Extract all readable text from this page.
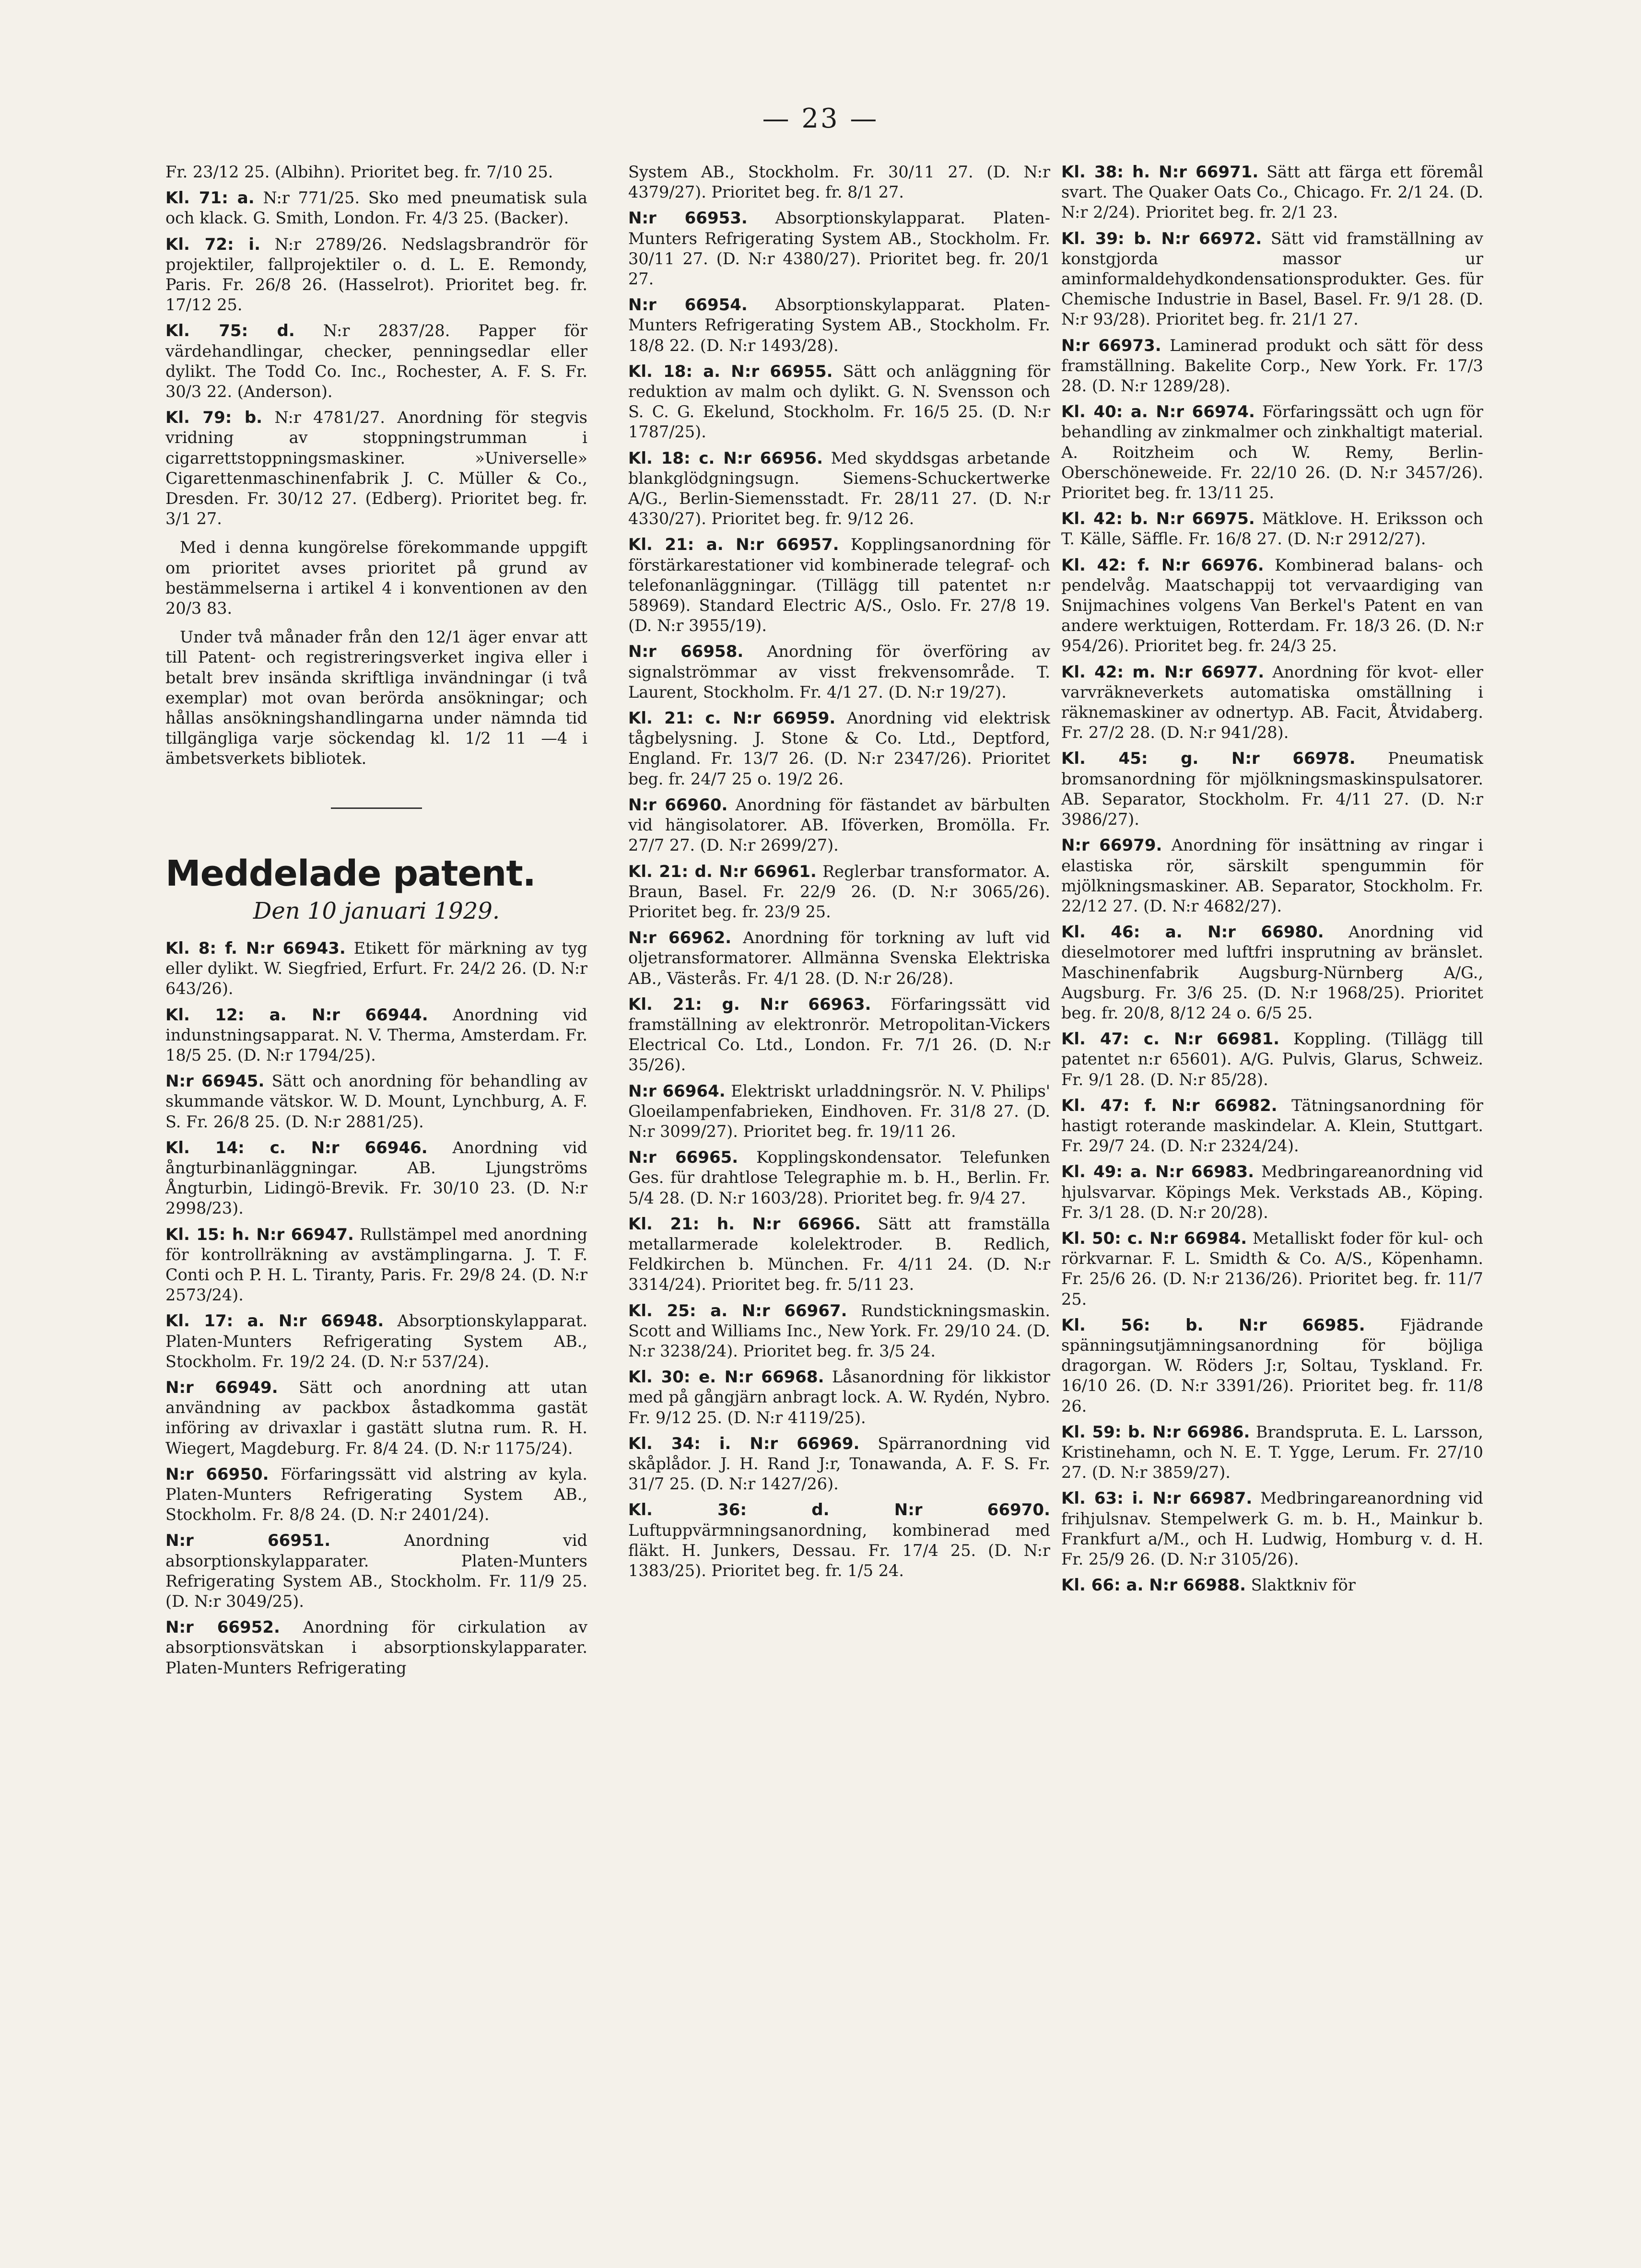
— 23 —

Fr. 23/12 25. (Albihn). Prioritet beg. fr. 7/10 25.

Kl. 71: a. N:r 771/25. Sko med pneumatisk sula och klack. G. Smith, London. Fr. 4/3 25. (Backer).

Kl. 72: i. N:r 2789/26. Nedslagsbrandrör för projektiler, fallprojektiler o. d. L. E. Remondy, Paris. Fr. 26/8 26. (Hasselrot). Prioritet beg. fr. 17/12 25.

Kl. 75: d. N:r 2837/28. Papper för värdehandlingar, checker, penningsedlar eller dylikt. The Todd Co. Inc., Rochester, A. F. S. Fr. 30/3 22. (Anderson).

Kl. 79: b. N:r 4781/27. Anordning för stegvis vridning av stoppningstrumman i cigarrettstoppningsmaskiner. »Universelle» Cigarettenmaschinenfabrik J. C. Müller & Co., Dresden. Fr. 30/12 27. (Edberg). Prioritet beg. fr. 3/1 27.

Med i denna kungörelse förekommande uppgift om prioritet avses prioritet på grund av bestämmelserna i artikel 4 i konventionen av den 20/3 83.

Under två månader från den 12/1 äger envar att till Patent- och registreringsverket ingiva eller i betalt brev insända skriftliga invändningar (i två exemplar) mot ovan berörda ansökningar; och hållas ansökningshandlingarna under nämnda tid tillgängliga varje söckendag kl. 1/2 11 —4 i ämbetsverkets bibliotek.

Meddelade patent.
Den 10 januari 1929.

Kl. 8: f. N:r 66943. Etikett för märkning av tyg eller dylikt. W. Siegfried, Erfurt. Fr. 24/2 26. (D. N:r 643/26).

Kl. 12: a. N:r 66944. Anordning vid indunstningsapparat. N. V. Therma, Amsterdam. Fr. 18/5 25. (D. N:r 1794/25).

N:r 66945. Sätt och anordning för behandling av skummande vätskor. W. D. Mount, Lynchburg, A. F. S. Fr. 26/8 25. (D. N:r 2881/25).

Kl. 14: c. N:r 66946. Anordning vid ångturbinanläggningar. AB. Ljungströms Ångturbin, Lidingö-Brevik. Fr. 30/10 23. (D. N:r 2998/23).

Kl. 15: h. N:r 66947. Rullstämpel med anordning för kontrollräkning av avstämplingarna. J. T. F. Conti och P. H. L. Tiranty, Paris. Fr. 29/8 24. (D. N:r 2573/24).

Kl. 17: a. N:r 66948. Absorptionskylapparat. Platen-Munters Refrigerating System AB., Stockholm. Fr. 19/2 24. (D. N:r 537/24).

N:r 66949. Sätt och anordning att utan användning av packbox åstadkomma gastät införing av drivaxlar i gastätt slutna rum. R. H. Wiegert, Magdeburg. Fr. 8/4 24. (D. N:r 1175/24).

N:r 66950. Förfaringssätt vid alstring av kyla. Platen-Munters Refrigerating System AB., Stockholm. Fr. 8/8 24. (D. N:r 2401/24).

N:r 66951.	Anordning vid absorptionskylapparater. Platen-Munters Refrigerating System AB., Stockholm. Fr. 11/9 25. (D. N:r 3049/25).

N:r 66952. Anordning för cirkulation av absorptionsvätskan i absorptionskylapparater. Platen-Munters Refrigerating

System AB., Stockholm. Fr. 30/11 27. (D. N:r 4379/27). Prioritet beg. fr. 8/1 27.

N:r 66953. Absorptionskylapparat. Platen-Munters Refrigerating System AB., Stockholm. Fr. 30/11 27. (D. N:r 4380/27). Prioritet beg. fr. 20/1 27.

N:r 66954. Absorptionskylapparat. Platen-Munters Refrigerating System AB., Stockholm. Fr. 18/8 22. (D. N:r 1493/28).

Kl. 18: a. N:r 66955. Sätt och anläggning för reduktion av malm och dylikt. G. N. Svensson och S. C. G. Ekelund, Stockholm. Fr. 16/5 25. (D. N:r 1787/25).

Kl. 18: c. N:r 66956. Med skyddsgas arbetande blankglödgningsugn. Siemens-Schuckertwerke A/G., Berlin-Siemensstadt. Fr. 28/11 27. (D. N:r 4330/27). Prioritet beg. fr. 9/12 26.

Kl. 21: a. N:r 66957. Kopplingsanordning för förstärkarestationer vid kombinerade telegraf- och telefonanläggningar. (Tillägg till patentet n:r 58969). Standard Electric A/S., Oslo. Fr. 27/8 19. (D. N:r 3955/19).

N:r 66958. Anordning för överföring av signalströmmar av visst frekvensområde. T. Laurent, Stockholm. Fr. 4/1 27. (D. N:r 19/27).

Kl. 21: c. N:r 66959. Anordning vid elektrisk tågbelysning. J. Stone & Co. Ltd., Deptford, England. Fr. 13/7 26. (D. N:r 2347/26). Prioritet beg. fr. 24/7 25 o. 19/2 26.

N:r 66960. Anordning för fästandet av bärbulten vid hängisolatorer. AB. Iföverken, Bromölla. Fr. 27/7 27. (D. N:r 2699/27).

Kl. 21: d. N:r 66961. Reglerbar transformator. A. Braun, Basel. Fr. 22/9 26. (D. N:r 3065/26). Prioritet beg. fr. 23/9 25.

N:r 66962. Anordning för torkning av luft vid oljetransformatorer. Allmänna Svenska Elektriska AB., Västerås. Fr. 4/1 28. (D. N:r 26/28).

Kl. 21: g. N:r 66963. Förfaringssätt vid framställning av elektronrör. Metropolitan-Vickers Electrical Co. Ltd., London. Fr. 7/1 26. (D. N:r 35/26).

N:r 66964. Elektriskt urladdningsrör. N. V. Philips' Gloeilampenfabrieken, Eindhoven. Fr. 31/8 27. (D. N:r 3099/27). Prioritet beg. fr. 19/11 26.

N:r 66965. Kopplingskondensator. Telefunken Ges. für drahtlose Telegraphie m. b. H., Berlin. Fr. 5/4 28. (D. N:r 1603/28). Prioritet beg. fr. 9/4 27.

Kl. 21: h. N:r 66966. Sätt att framställa metallarmerade kolelektroder. B. Redlich, Feldkirchen b. München. Fr. 4/11 24. (D. N:r 3314/24). Prioritet beg. fr. 5/11 23.

Kl. 25: a. N:r 66967. Rundstickningsmaskin. Scott and Williams Inc., New York. Fr. 29/10 24. (D. N:r 3238/24). Prioritet beg. fr. 3/5 24.

Kl. 30: e. N:r 66968. Låsanordning för likkistor med på gångjärn anbragt lock. A. W. Rydén, Nybro. Fr. 9/12 25. (D. N:r 4119/25).

Kl. 34: i. N:r 66969. Spärranordning vid skåplådor. J. H. Rand J:r, Tonawanda, A. F. S. Fr. 31/7 25. (D. N:r 1427/26).

Kl. 36: d. N:r 66970. Luftuppvärmningsanordning, kombinerad med fläkt. H. Junkers, Dessau. Fr. 17/4 25. (D. N:r 1383/25). Prioritet beg. fr. 1/5 24.

Kl. 38: h. N:r 66971. Sätt att färga ett föremål svart. The Quaker Oats Co., Chicago. Fr. 2/1 24. (D. N:r 2/24). Prioritet beg. fr. 2/1 23.

Kl. 39: b. N:r 66972. Sätt vid framställning av konstgjorda massor ur aminformaldehydkondensationsprodukter. Ges. für Chemische Industrie in Basel, Basel. Fr. 9/1 28. (D. N:r 93/28). Prioritet beg. fr. 21/1 27.

N:r 66973. Laminerad produkt och sätt för dess framställning. Bakelite Corp., New York. Fr. 17/3 28. (D. N:r 1289/28).

Kl. 40: a. N:r 66974. Förfaringssätt och ugn för behandling av zinkmalmer och zinkhaltigt material. A. Roitzheim och W. Remy, Berlin-Oberschöneweide. Fr. 22/10 26. (D. N:r 3457/26). Prioritet beg. fr. 13/11 25.

Kl. 42: b. N:r 66975. Mätklove. H. Eriksson och T. Källe, Säffle. Fr. 16/8 27. (D. N:r 2912/27).

Kl. 42: f. N:r 66976. Kombinerad balans- och pendelvåg. Maatschappij tot vervaardiging van Snijmachines volgens Van Berkel's Patent en van andere werktuigen, Rotterdam. Fr. 18/3 26. (D. N:r 954/26). Prioritet beg. fr. 24/3 25.

Kl. 42: m. N:r 66977. Anordning för kvot- eller varvräkneverkets automatiska omställning i räknemaskiner av odnertyp. AB. Facit, Åtvidaberg. Fr. 27/2 28. (D. N:r 941/28).

Kl. 45: g. N:r 66978. Pneumatisk bromsanordning för mjölkningsmaskinspulsatorer. AB. Separator, Stockholm. Fr. 4/11 27. (D. N:r 3986/27).

N:r 66979. Anordning för insättning av ringar i elastiska rör, särskilt spengummin för mjölkningsmaskiner. AB. Separator, Stockholm. Fr. 22/12 27. (D. N:r 4682/27).

Kl. 46: a. N:r 66980. Anordning vid dieselmotorer med luftfri insprutning av bränslet. Maschinenfabrik Augsburg-Nürnberg A/G., Augsburg. Fr. 3/6 25. (D. N:r 1968/25). Prioritet beg. fr. 20/8, 8/12 24 o. 6/5 25.

Kl. 47: c. N:r 66981. Koppling. (Tillägg till patentet n:r 65601). A/G. Pulvis, Glarus, Schweiz. Fr. 9/1 28. (D. N:r 85/28).

Kl. 47: f. N:r 66982. Tätningsanordning för hastigt roterande maskindelar. A. Klein, Stuttgart. Fr. 29/7 24. (D. N:r 2324/24).

Kl. 49: a. N:r 66983. Medbringareanordning vid hjulsvarvar. Köpings Mek. Verkstads AB., Köping. Fr. 3/1 28. (D. N:r 20/28).

Kl. 50: c. N:r 66984. Metalliskt foder för kul- och rörkvarnar. F. L. Smidth & Co. A/S., Köpenhamn. Fr. 25/6 26. (D. N:r 2136/26). Prioritet beg. fr. 11/7 25.

Kl. 56: b. N:r 66985. Fjädrande spänningsutjämningsanordning för böjliga dragorgan. W. Röders J:r, Soltau, Tyskland. Fr. 16/10 26. (D. N:r 3391/26). Prioritet beg. fr. 11/8 26.

Kl. 59: b. N:r 66986. Brandspruta. E. L. Larsson, Kristinehamn, och N. E. T. Ygge, Lerum. Fr. 27/10 27. (D. N:r 3859/27).

Kl. 63: i. N:r 66987. Medbringareanordning vid frihjulsnav. Stempelwerk G. m. b. H., Mainkur b. Frankfurt a/M., och H. Ludwig, Homburg v. d. H. Fr. 25/9 26. (D. N:r 3105/26).

Kl. 66: a. N:r 66988. Slaktkniv för
